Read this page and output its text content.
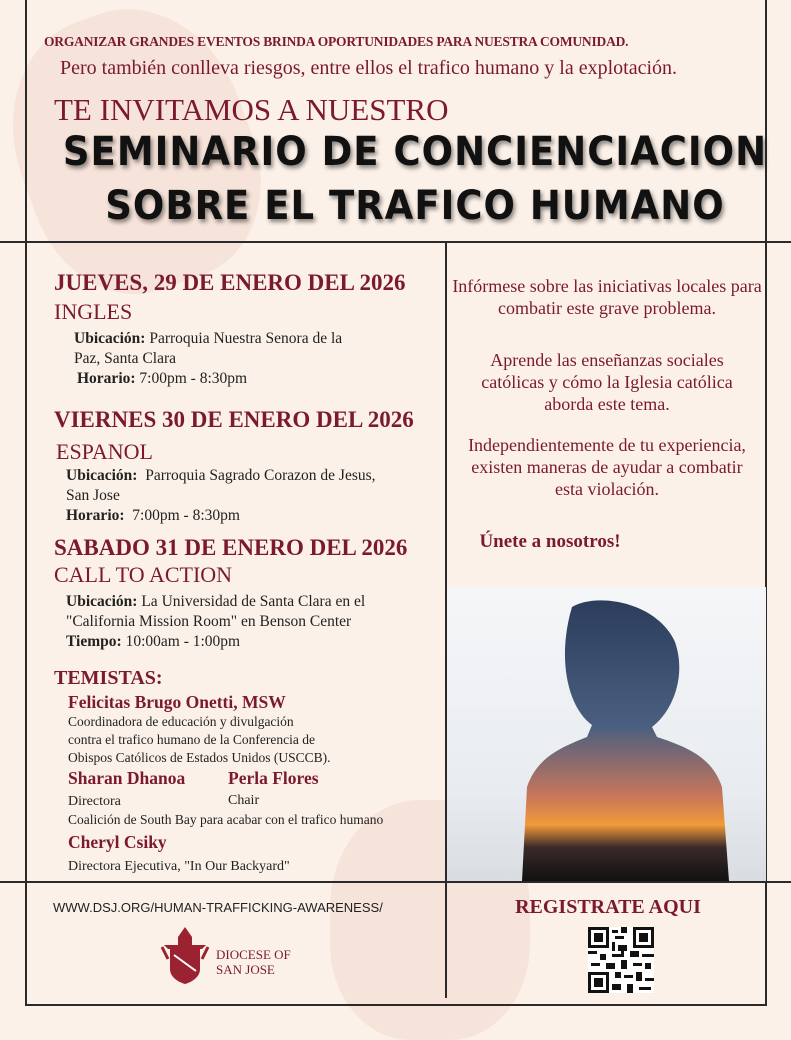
ORGANIZAR GRANDES EVENTOS BRINDA OPORTUNIDADES PARA NUESTRA COMUNIDAD.
Pero también conlleva riesgos, entre ellos el trafico humano y la explotación.
TE INVITAMOS A NUESTRO
SEMINARIO DE CONCIENCIACION
SOBRE EL TRAFICO HUMANO
JUEVES, 29 DE ENERO DEL 2026
INGLES
Ubicación: Parroquia Nuestra Senora de la
Paz, Santa Clara
Horario: 7:00pm - 8:30pm
VIERNES 30 DE ENERO DEL 2026
ESPANOL
Ubicación:  Parroquia Sagrado Corazon de Jesus,
San Jose
Horario:  7:00pm - 8:30pm
SABADO 31 DE ENERO DEL 2026
CALL TO ACTION
Ubicación: La Universidad de Santa Clara en el
"California Mission Room" en Benson Center
Tiempo: 10:00am - 1:00pm
TEMISTAS:
Felicitas Brugo Onetti, MSW
Coordinadora de educación y divulgación
contra el trafico humano de la Conferencia de
Obispos Católicos de Estados Unidos (USCCB).
Sharan Dhanoa Perla Flores
Directora	Chair
Coalición de South Bay para acabar con el trafico humano
Cheryl Csiky
Directora Ejecutiva, "In Our Backyard"
Infórmese sobre las iniciativas locales para combatir este grave problema.
Aprende las enseñanzas sociales católicas y cómo la Iglesia católica aborda este tema.
Independientemente de tu experiencia, existen maneras de ayudar a combatir esta violación.
Únete a nosotros!
WWW.DSJ.ORG/HUMAN-TRAFFICKING-AWARENESS/
DIOCESE OF
SAN JOSE
REGISTRATE AQUI
